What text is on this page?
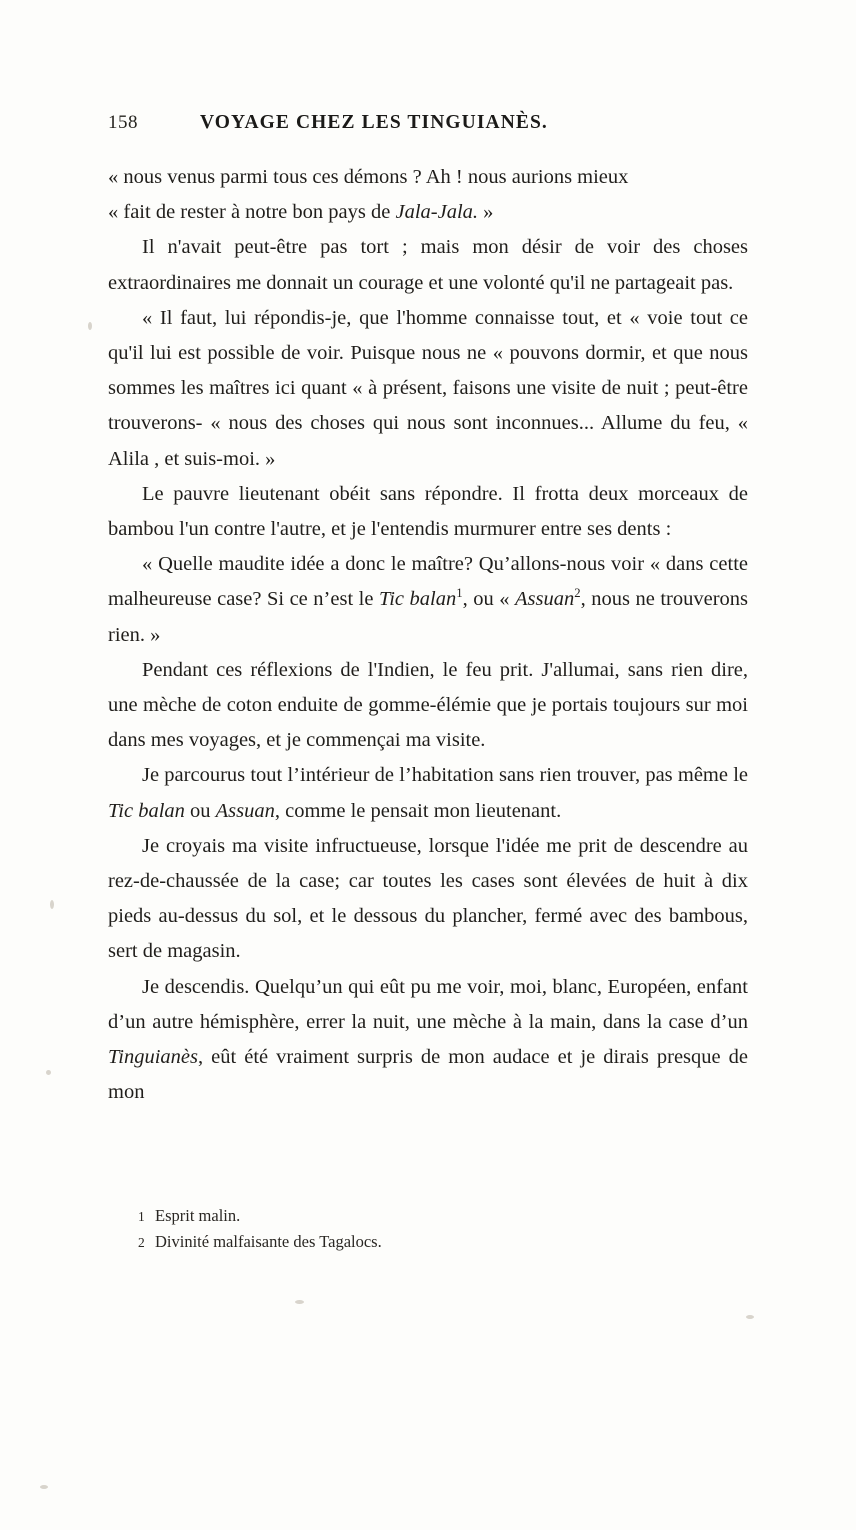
158	VOYAGE CHEZ LES TINGUIANÈS.

« nous venus parmi tous ces démons ? Ah ! nous aurions mieux
« fait de rester à notre bon pays de Jala-Jala. »

Il n'avait peut-être pas tort ; mais mon désir de voir des choses extraordinaires me donnait un courage et une volonté qu'il ne partageait pas.

« Il faut, lui répondis-je, que l'homme connaisse tout, et « voie tout ce qu'il lui est possible de voir. Puisque nous ne « pouvons dormir, et que nous sommes les maîtres ici quant « à présent, faisons une visite de nuit ; peut-être trouverons- « nous des choses qui nous sont inconnues... Allume du feu, « Alila , et suis-moi. »

Le pauvre lieutenant obéit sans répondre. Il frotta deux morceaux de bambou l'un contre l'autre, et je l'entendis murmurer entre ses dents :

« Quelle maudite idée a donc le maître? Qu’allons-nous voir « dans cette malheureuse case? Si ce n’est le Tic balan$^1$, ou « Assuan$^2$, nous ne trouverons rien. »

Pendant ces réflexions de l'Indien, le feu prit. J'allumai, sans rien dire, une mèche de coton enduite de gomme-élémie que je portais toujours sur moi dans mes voyages, et je commençai ma visite.

Je parcourus tout l’intérieur de l’habitation sans rien trouver, pas même le Tic balan ou Assuan, comme le pensait mon lieutenant.

Je croyais ma visite infructueuse, lorsque l'idée me prit de descendre au rez-de-chaussée de la case; car toutes les cases sont élevées de huit à dix pieds au-dessus du sol, et le dessous du plancher, fermé avec des bambous, sert de magasin.

Je descendis. Quelqu’un qui eût pu me voir, moi, blanc, Européen, enfant d’un autre hémisphère, errer la nuit, une mèche à la main, dans la case d’un Tinguianès, eût été vraiment surpris de mon audace et je dirais presque de mon

1 Esprit malin.
2 Divinité malfaisante des Tagalocs.
